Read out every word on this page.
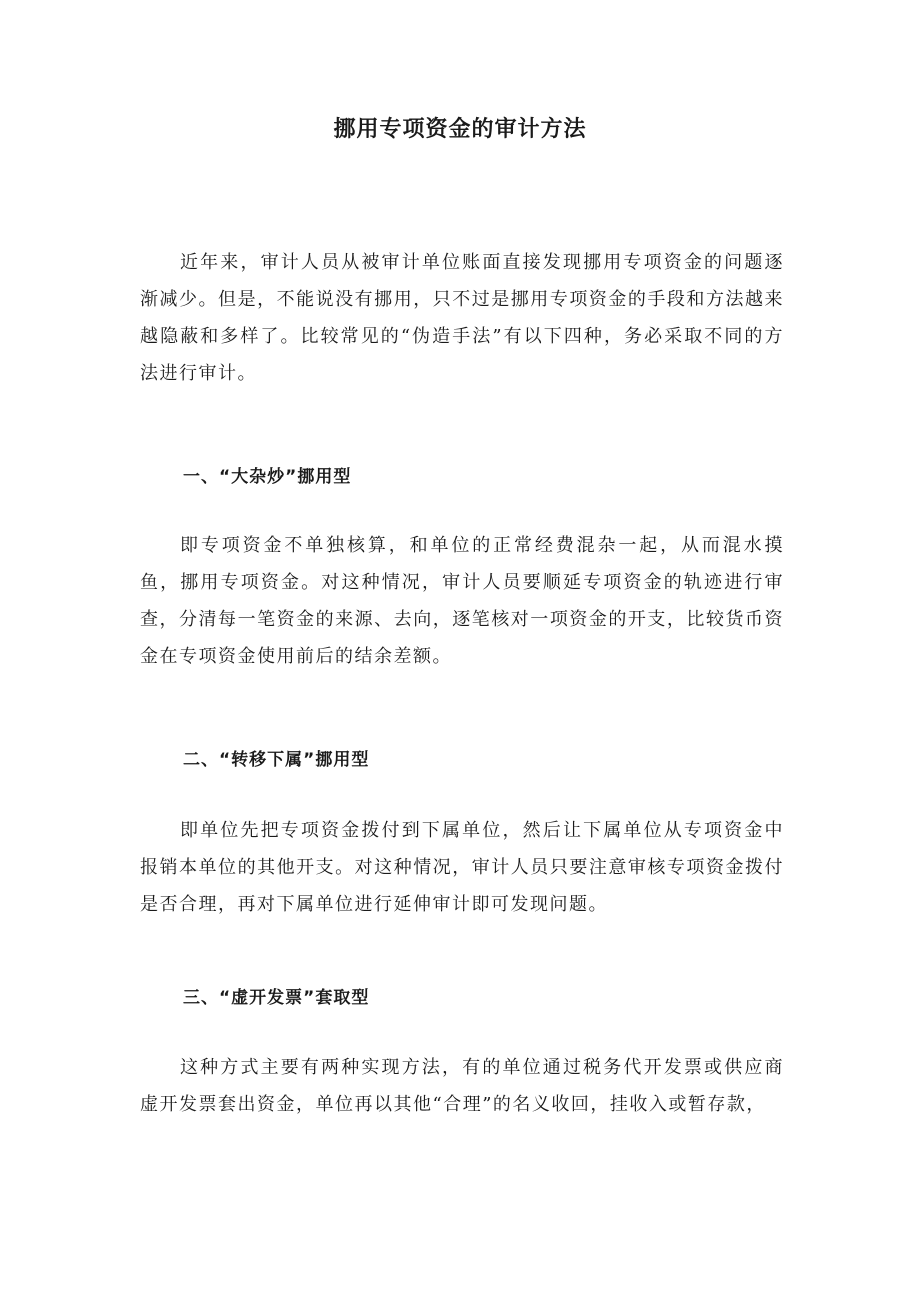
挪用专项资金的审计方法

近年来，审计人员从被审计单位账面直接发现挪用专项资金的问题逐渐减少。但是，不能说没有挪用，只不过是挪用专项资金的手段和方法越来越隐蔽和多样了。比较常见的“伪造手法”有以下四种，务必采取不同的方法进行审计。

一、“大杂炒”挪用型

即专项资金不单独核算，和单位的正常经费混杂一起，从而混水摸鱼，挪用专项资金。对这种情况，审计人员要顺延专项资金的轨迹进行审查，分清每一笔资金的来源、去向，逐笔核对一项资金的开支，比较货币资金在专项资金使用前后的结余差额。

二、“转移下属”挪用型

即单位先把专项资金拨付到下属单位，然后让下属单位从专项资金中报销本单位的其他开支。对这种情况，审计人员只要注意审核专项资金拨付是否合理，再对下属单位进行延伸审计即可发现问题。

三、“虚开发票”套取型

这种方式主要有两种实现方法，有的单位通过税务代开发票或供应商虚开发票套出资金，单位再以其他“合理”的名义收回，挂收入或暂存款，
